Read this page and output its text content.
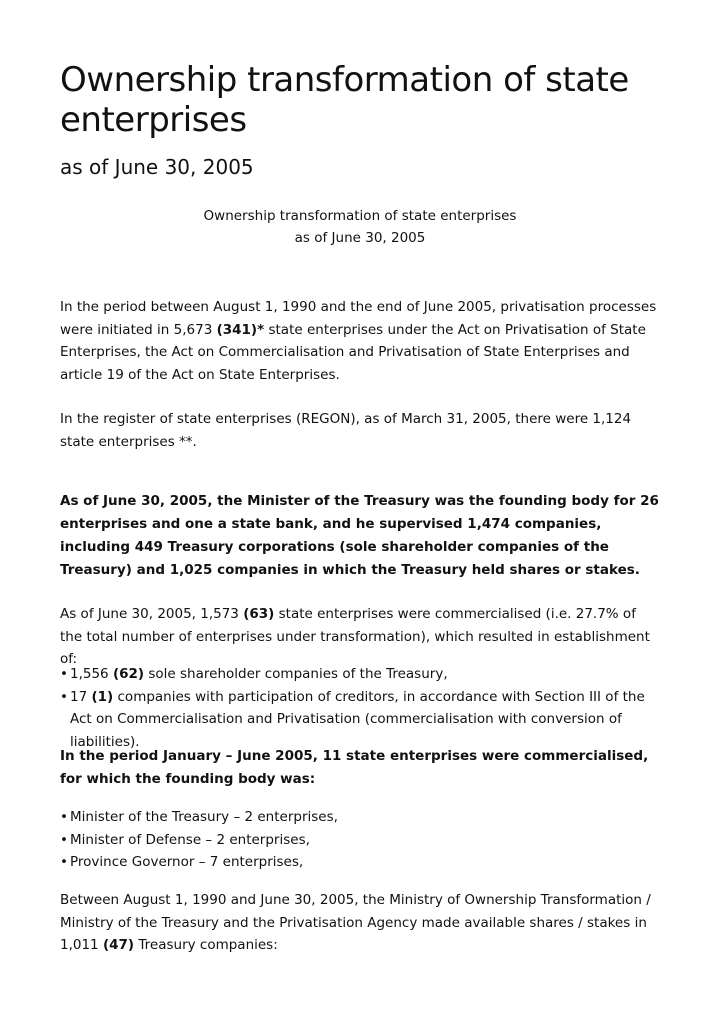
Ownership transformation of state enterprises
as of June 30, 2005
Ownership transformation of state enterprises
as of June 30, 2005

In the period between August 1, 1990 and the end of June 2005, privatisation processes were initiated in 5,673 (341)* state enterprises under the Act on Privatisation of State Enterprises, the Act on Commercialisation and Privatisation of State Enterprises and article 19 of the Act on State Enterprises.

In the register of state enterprises (REGON), as of March 31, 2005, there were 1,124 state enterprises **.

As of June 30, 2005, the Minister of the Treasury was the founding body for 26 enterprises and one a state bank, and he supervised 1,474 companies, including 449 Treasury corporations (sole shareholder companies of the Treasury) and 1,025 companies in which the Treasury held shares or stakes.

As of June 30, 2005, 1,573 (63) state enterprises were commercialised (i.e. 27.7% of the total number of enterprises under transformation), which resulted in establishment of:

• 1,556 (62) sole shareholder companies of the Treasury,
• 17 (1) companies with participation of creditors, in accordance with Section III of the Act on Commercialisation and Privatisation (commercialisation with conversion of liabilities).

In the period January – June 2005, 11 state enterprises were commercialised, for which the founding body was:

• Minister of the Treasury – 2 enterprises,
• Minister of Defense – 2 enterprises,
• Province Governor – 7 enterprises,

Between August 1, 1990 and June 30, 2005, the Ministry of Ownership Transformation / Ministry of the Treasury and the Privatisation Agency made available shares / stakes in 1,011 (47) Treasury companies:
